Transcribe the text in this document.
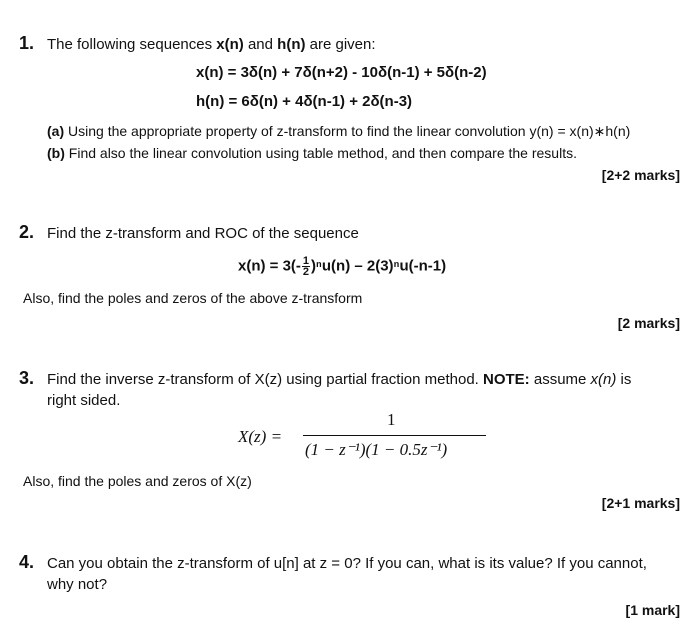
1. The following sequences x(n) and h(n) are given:
x(n) = 3δ(n) + 7δ(n+2) - 10δ(n-1) + 5δ(n-2)
h(n) = 6δ(n) + 4δ(n-1) + 2δ(n-3)
(a) Using the appropriate property of z-transform to find the linear convolution y(n) = x(n)∗h(n)
(b) Find also the linear convolution using table method, and then compare the results.
[2+2 marks]
2. Find the z-transform and ROC of the sequence
$x(n) = 3(- \frac{1}{2} )^nu(n) - 2(3)^nu(-n-1)$
Also, find the poles and zeros of the above z-transform
[2 marks]
3. Find the inverse z-transform of X(z) using partial fraction method. NOTE: assume x(n) is
right sided.
X(z) =
1
(1 − z⁻¹)(1 − 0.5z⁻¹)
Also, find the poles and zeros of X(z)
[2+1 marks]
4. Can you obtain the z-transform of u[n] at z = 0? If you can, what is its value? If you cannot,
why not?
[1 mark]
